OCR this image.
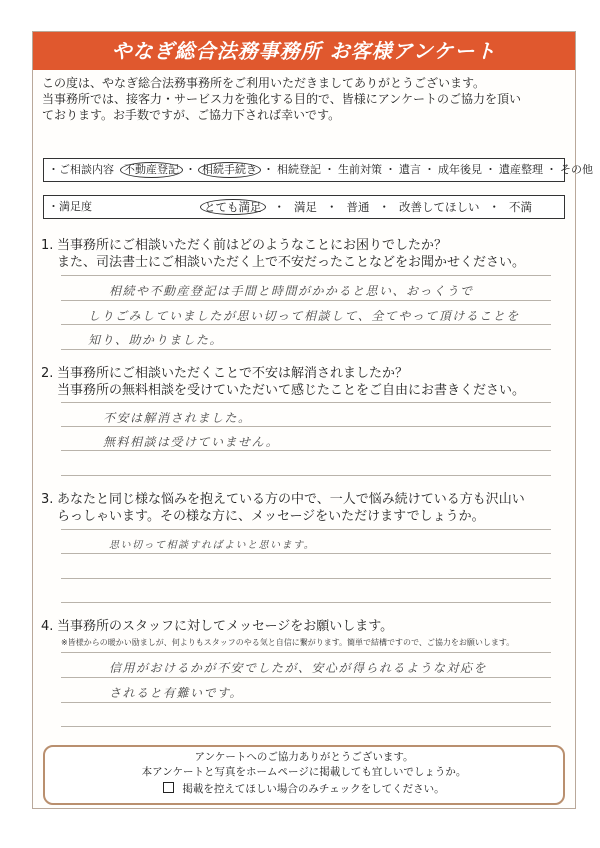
やなぎ総合法務事務所 お客様アンケート

この度は、やなぎ総合法務事務所をご利用いただきましてありがとうございます。

当事務所では、接客力・サービス力を強化する目的で、皆様にアンケートのご協力を頂い

ております。お手数ですが、ご協力下されば幸いです。

・ご相談内容 不動産登記 ・ 相続手続き ・ 相続登記 ・ 生前対策 ・ 遺言 ・ 成年後見 ・ 遺産整理 ・ その他
・満足度	とても満足	・ 満足 ・ 普通 ・ 改善してほしい ・ 不満
1. 当事務所にご相談いただく前はどのようなことにお困りでしたか？
また、司法書士にご相談いただく上で不安だったことなどをお聞かせください。
相続や不動産登記は手間と時間がかかると思い、おっくうで
しりごみしていましたが思い切って相談して、全てやって頂けることを
知り、助かりました。
2. 当事務所にご相談いただくことで不安は解消されましたか？
当事務所の無料相談を受けていただいて感じたことをご自由にお書きください。
不安は解消されました。
無料相談は受けていません。
3. あなたと同じ様な悩みを抱えている方の中で、一人で悩み続けている方も沢山い
らっしゃいます。その様な方に、メッセージをいただけますでしょうか。
思い切って相談すればよいと思います。
4. 当事務所のスタッフに対してメッセージをお願いします。
※皆様からの暖かい励ましが、何よりもスタッフのやる気と自信に繋がります。簡単で結構ですので、ご協力をお願いします。
信用がおけるかが不安でしたが、安心が得られるような対応を
されると有難いです。

アンケートへのご協力ありがとうございます。

本アンケートと写真をホームページに掲載しても宜しいでしょうか。

掲載を控えてほしい場合のみチェックをしてください。
